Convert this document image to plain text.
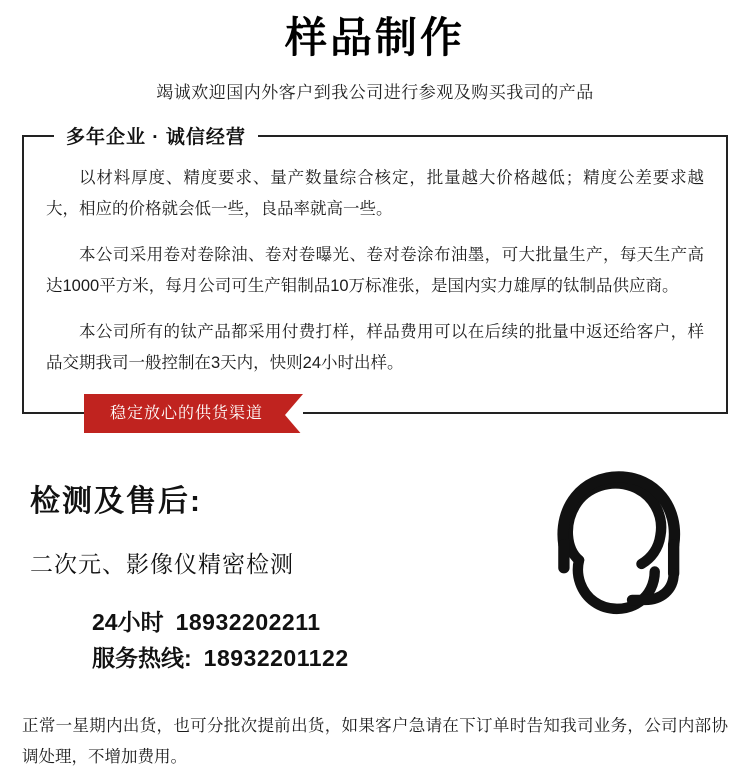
样品制作
竭诚欢迎国内外客户到我公司进行参观及购买我司的产品
多年企业 · 诚信经营

以材料厚度、精度要求、量产数量综合核定，批量越大价格越低；精度公差要求越大，相应的价格就会低一些，良品率就高一些。

本公司采用卷对卷除油、卷对卷曝光、卷对卷涂布油墨，可大批量生产，每天生产高达1000平方米，每月公司可生产钼制品10万标准张，是国内实力雄厚的钛制品供应商。

本公司所有的钛产品都采用付费打样，样品费用可以在后续的批量中返还给客户，样品交期我司一般控制在3天内，快则24小时出样。

稳定放心的供货渠道
检测及售后:
二次元、影像仪精密检测
24小时 18932202211
服务热线: 18932201122
正常一星期内出货，也可分批次提前出货，如果客户急请在下订单时告知我司业务，公司内部协调处理，不增加费用。
